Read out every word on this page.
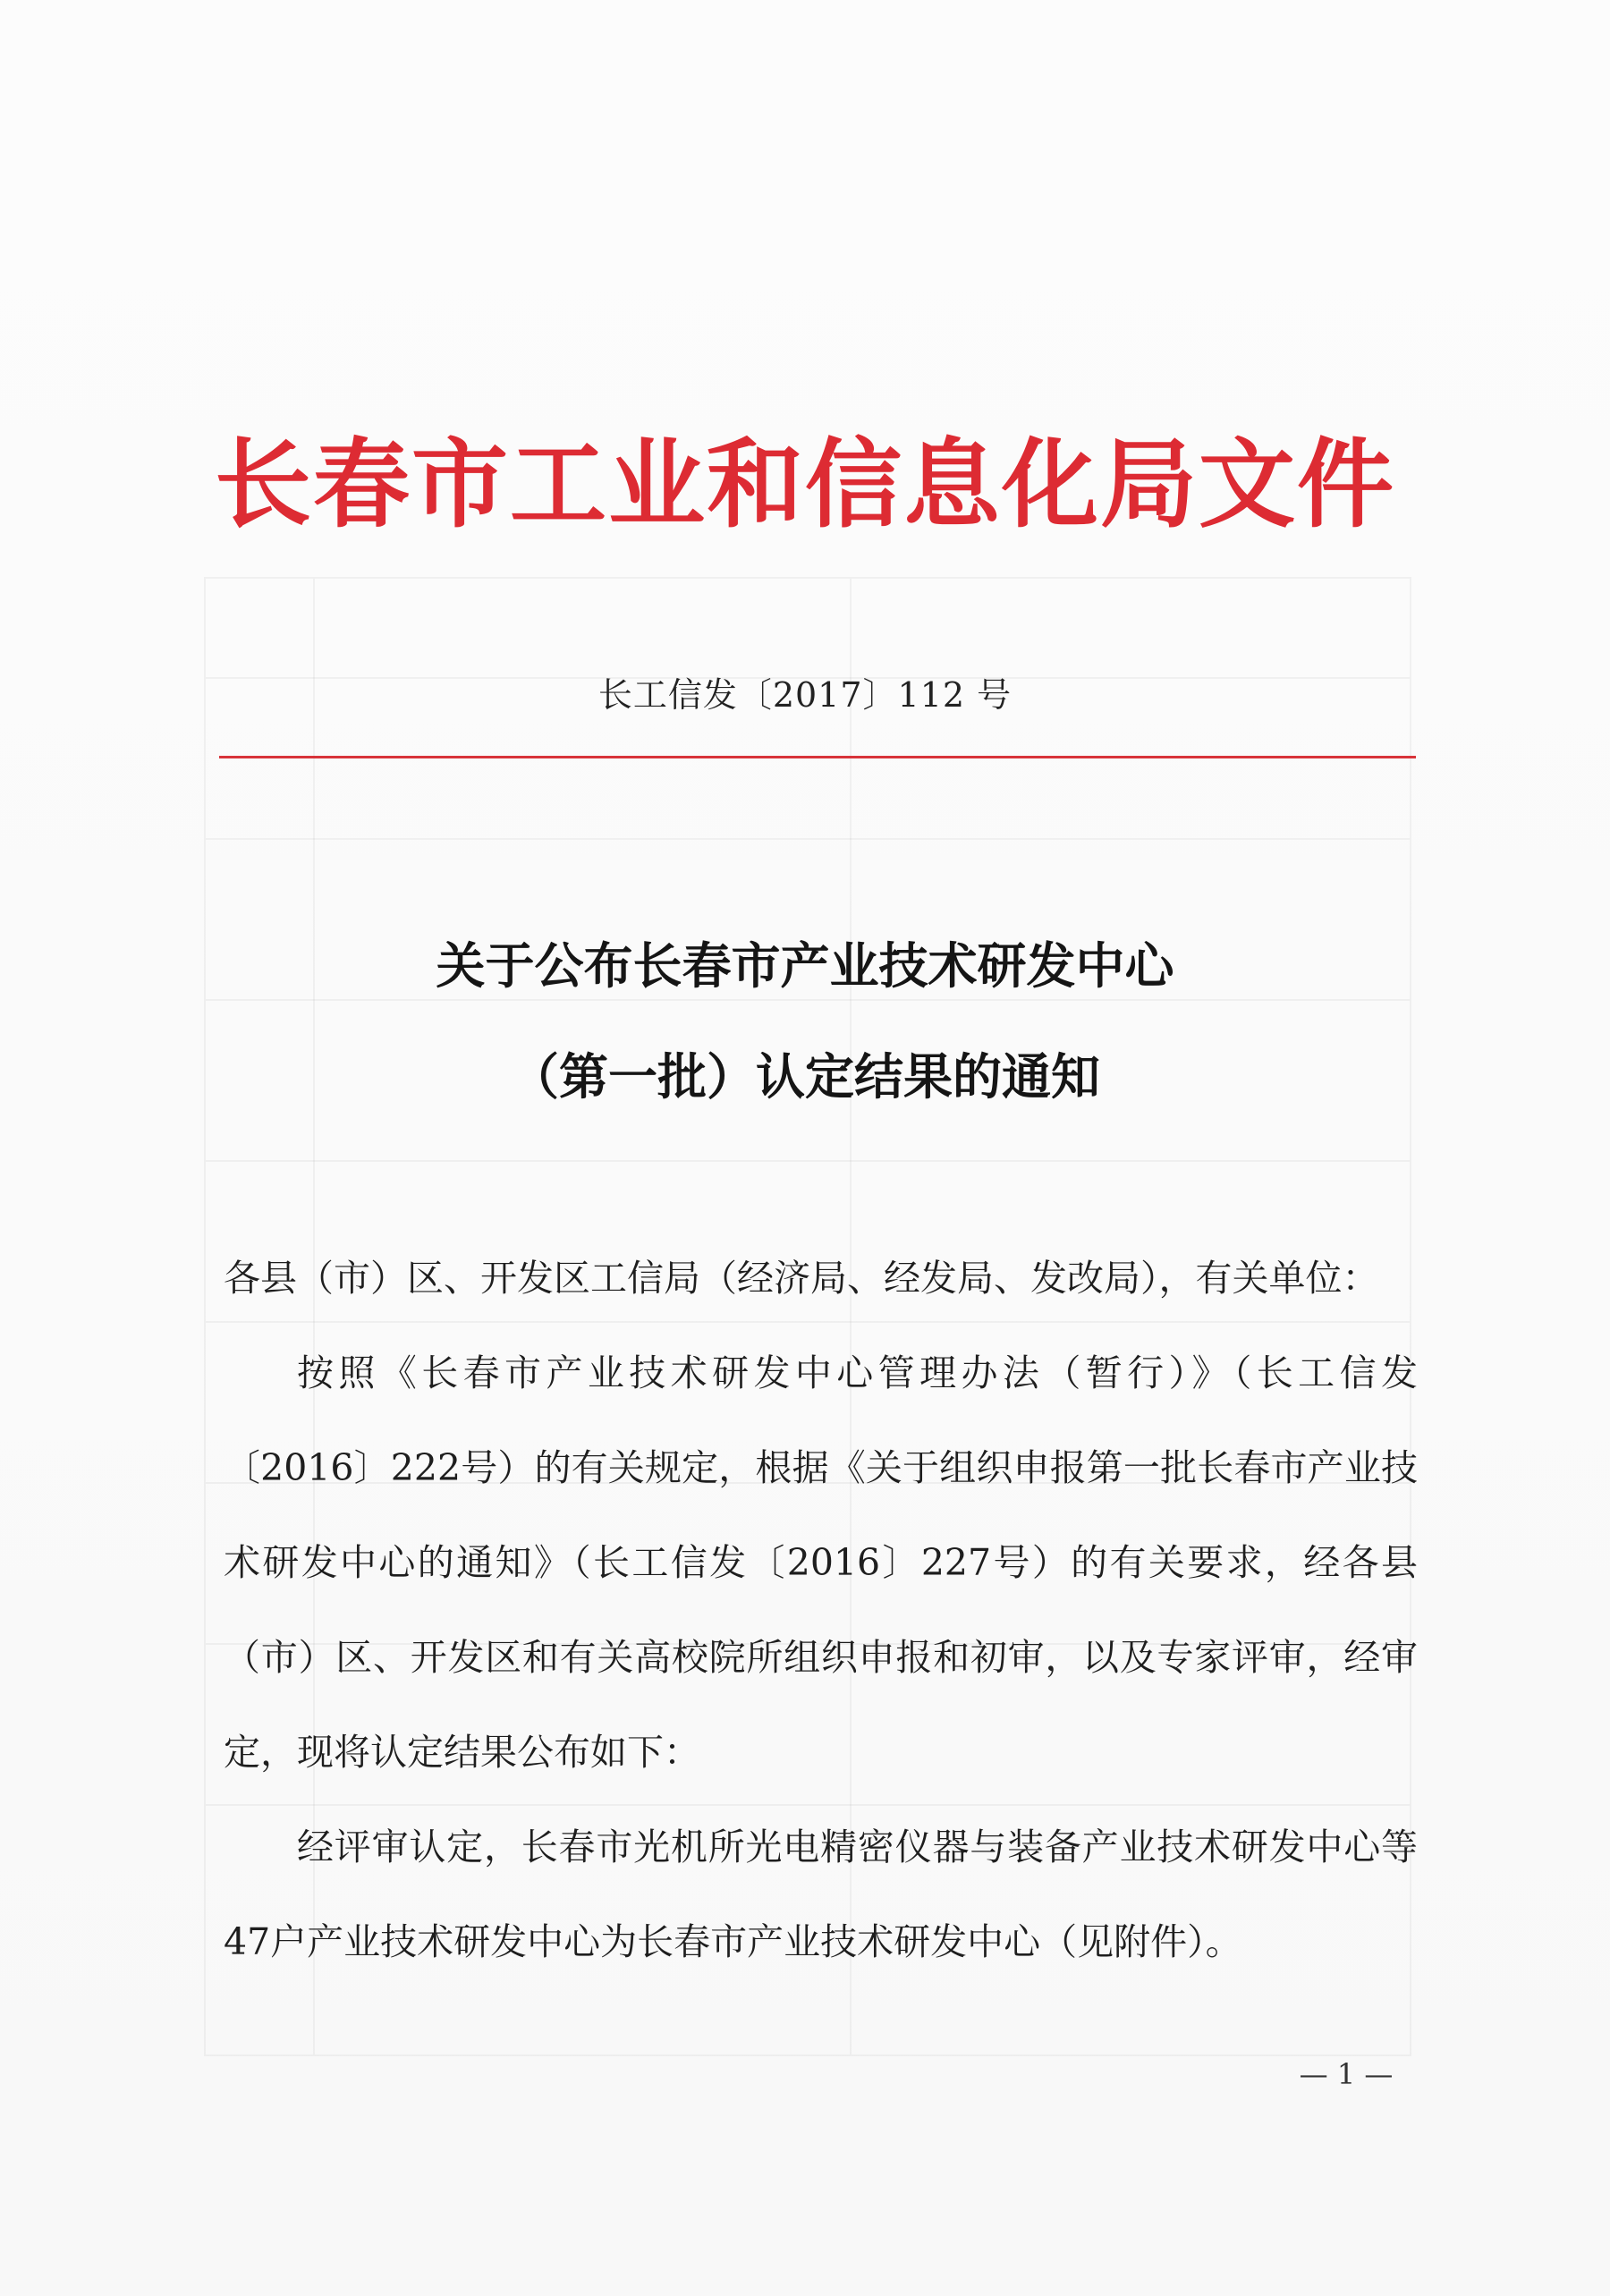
长春市工业和信息化局文件
长工信发〔2017〕112 号
关于公布长春市产业技术研发中心
（第一批）认定结果的通知

各县（市）区、开发区工信局（经济局、经发局、发改局），有关单位：

按照《长春市产业技术研发中心管理办法（暂行）》（长工信发〔2016〕222号）的有关规定，根据《关于组织申报第一批长春市产业技术研发中心的通知》（长工信发〔2016〕227号）的有关要求，经各县（市）区、开发区和有关高校院所组织申报和初审，以及专家评审，经审定，现将认定结果公布如下：

经评审认定，长春市光机所光电精密仪器与装备产业技术研发中心等47户产业技术研发中心为长春市产业技术研发中心（见附件）。

— 1 —
